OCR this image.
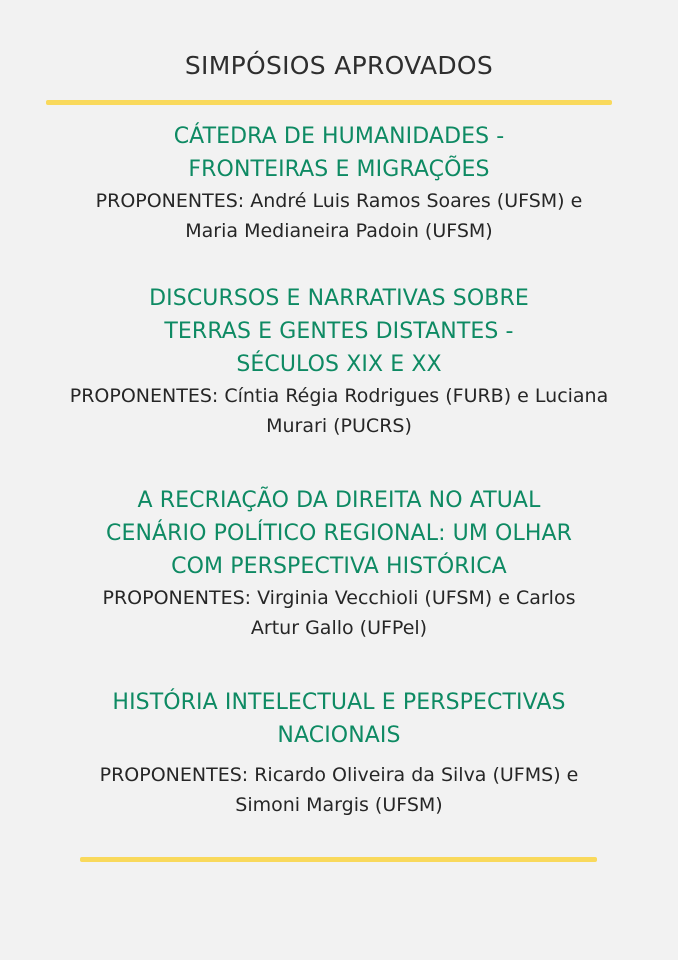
SIMPÓSIOS APROVADOS
CÁTEDRA DE HUMANIDADES -
FRONTEIRAS E MIGRAÇÕES
PROPONENTES: André Luis Ramos Soares (UFSM) e
Maria Medianeira Padoin (UFSM)
DISCURSOS E NARRATIVAS SOBRE
TERRAS E GENTES DISTANTES -
SÉCULOS XIX E XX
PROPONENTES: Cíntia Régia Rodrigues (FURB) e Luciana
Murari (PUCRS)
A RECRIAÇÃO DA DIREITA NO ATUAL
CENÁRIO POLÍTICO REGIONAL: UM OLHAR
COM PERSPECTIVA HISTÓRICA
PROPONENTES: Virginia Vecchioli (UFSM) e Carlos
Artur Gallo (UFPel)
HISTÓRIA INTELECTUAL E PERSPECTIVAS
NACIONAIS
PROPONENTES: Ricardo Oliveira da Silva (UFMS) e
Simoni Margis (UFSM)
